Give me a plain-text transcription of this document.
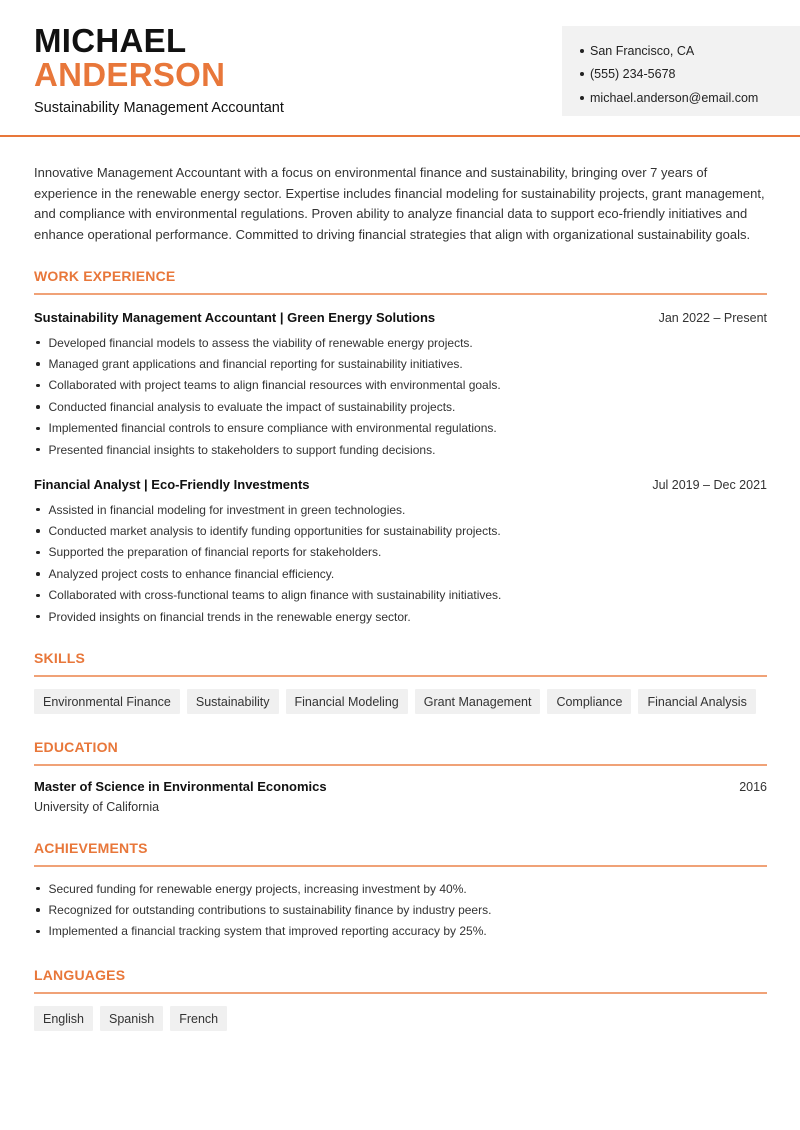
MICHAEL
ANDERSON
Sustainability Management Accountant
San Francisco, CA
(555) 234-5678
michael.anderson@email.com

Innovative Management Accountant with a focus on environmental finance and sustainability, bringing over 7 years of experience in the renewable energy sector. Expertise includes financial modeling for sustainability projects, grant management, and compliance with environmental regulations. Proven ability to analyze financial data to support eco-friendly initiatives and enhance operational performance. Committed to driving financial strategies that align with organizational sustainability goals.

WORK EXPERIENCE
Sustainability Management Accountant | Green Energy Solutions	Jan 2022 – Present
Developed financial models to assess the viability of renewable energy projects.
Managed grant applications and financial reporting for sustainability initiatives.
Collaborated with project teams to align financial resources with environmental goals.
Conducted financial analysis to evaluate the impact of sustainability projects.
Implemented financial controls to ensure compliance with environmental regulations.
Presented financial insights to stakeholders to support funding decisions.
Financial Analyst | Eco-Friendly Investments	Jul 2019 – Dec 2021
Assisted in financial modeling for investment in green technologies.
Conducted market analysis to identify funding opportunities for sustainability projects.
Supported the preparation of financial reports for stakeholders.
Analyzed project costs to enhance financial efficiency.
Collaborated with cross-functional teams to align finance with sustainability initiatives.
Provided insights on financial trends in the renewable energy sector.
SKILLS
Environmental Finance	Sustainability	Financial Modeling	Grant Management	Compliance	Financial Analysis
EDUCATION
Master of Science in Environmental Economics	2016
University of California
ACHIEVEMENTS
Secured funding for renewable energy projects, increasing investment by 40%.
Recognized for outstanding contributions to sustainability finance by industry peers.
Implemented a financial tracking system that improved reporting accuracy by 25%.
LANGUAGES
English	Spanish	French
